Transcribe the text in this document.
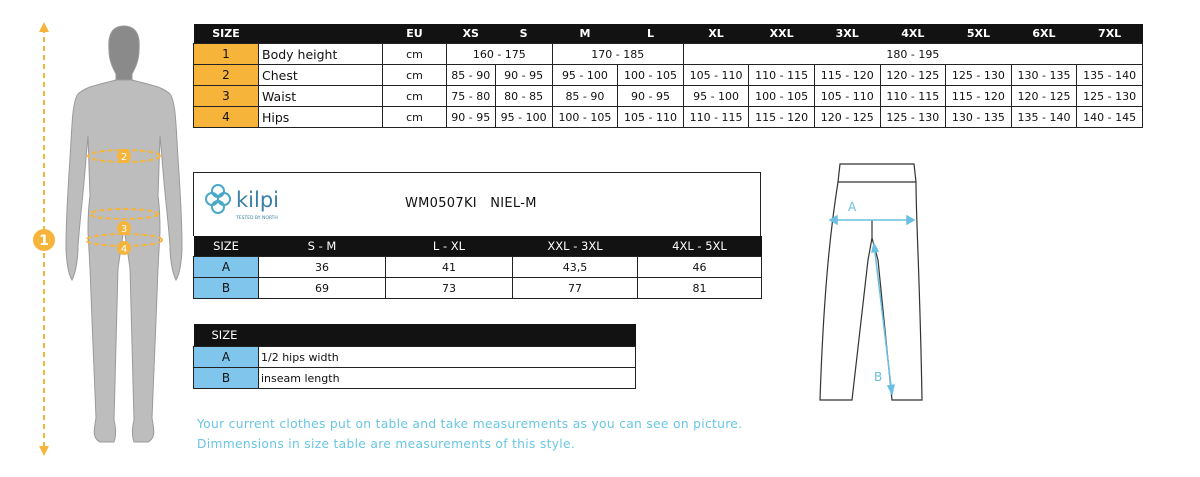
1
2
3
4
SIZE		EU	XS	S	M	L	XL	XXL	3XL	4XL	5XL	6XL	7XL
1	Body height	cm	160 - 175		170 - 185		180 - 195						
2	Chest	cm	85 - 90	90 - 95	95 - 100	100 - 105	105 - 110	110 - 115	115 - 120	120 - 125	125 - 130	130 - 135	135 - 140
3	Waist	cm	75 - 80	80 - 85	85 - 90	90 - 95	95 - 100	100 - 105	105 - 110	110 - 115	115 - 120	120 - 125	125 - 130
4	Hips	cm	90 - 95	95 - 100	100 - 105	105 - 110	110 - 115	115 - 120	120 - 125	125 - 130	130 - 135	135 - 140	140 - 145
kilpi
TESTED BY NORTH
WM0507KI   NIEL-M
SIZE	S - M	L - XL	XXL - 3XL	4XL - 5XL
A	36	41	43,5	46
B	69	73	77	81
SIZE	
A	1/2 hips width
B	inseam length
A
B
Your current clothes put on table and take measurements as you can see on picture.
Dimmensions in size table are measurements of this style.
